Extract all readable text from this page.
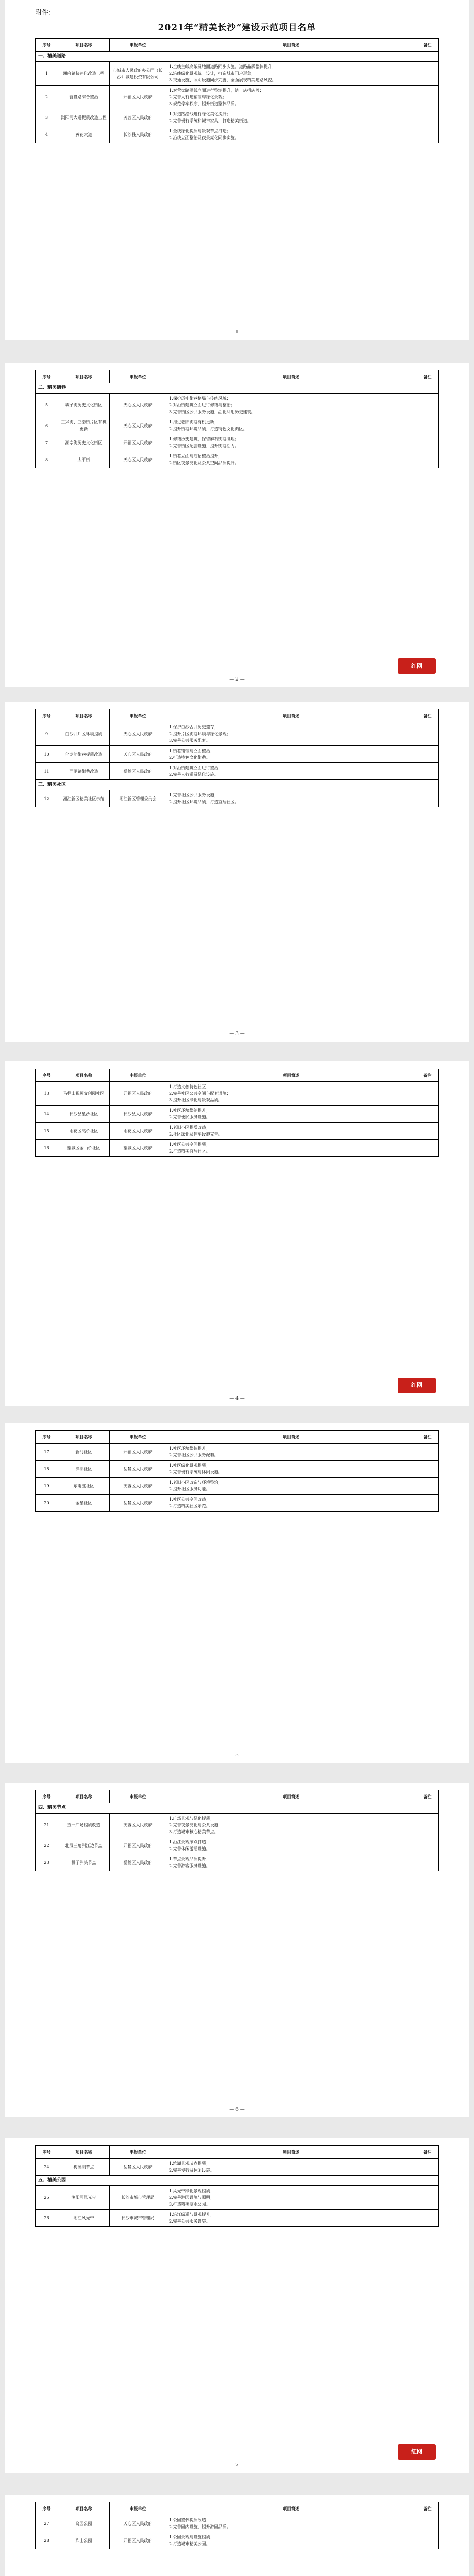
附件：
2021年“精美长沙”建设示范项目名单
序号	项目名称	申报单位	项目简述	备注
一、精美道路				
1	湘府路快速化改造工程	市城市人民政府办公厅（长沙）城建投资有限公司	1.全线主线高架及地面道路同步实施，道路品质整体提升；
2.沿线绿化景观统一设计，打造城市门户形象；
3.交通设施、照明设施同步完善，全面展现精美道路风貌。	

2	营盘路综合整治	开福区人民政府	1.对营盘路沿线立面进行整治提升，统一店招店牌；
2.完善人行道铺装与绿化景观；
3.规范停车秩序，提升街道整体品质。	

3	浏阳河大道提质改造工程	芙蓉区人民政府	1.对道路沿线进行绿化美化提升；
2.完善慢行系统和城市家具，打造精美街道。	

4	黄花大道	长沙县人民政府	1.全线绿化提质与景观节点打造；
2.沿线立面整治及夜景亮化同步实施。	

— 1 —
序号	项目名称	申报单位	项目简述	备注
二、精美街巷				
5	坡子街历史文化街区	天心区人民政府	1.保护历史街巷格局与传统风貌；
2.对沿街建筑立面进行修缮与整治；
3.完善街区公共服务设施，活化利用历史建筑。	

6	三兴街、三泰街片区有机更新	天心区人民政府	1.推进老旧街巷有机更新；
2.提升街巷环境品质，打造特色文化街区。	

7	潮宗街历史文化街区	开福区人民政府	1.修缮历史建筑，保留麻石街巷肌理；
2.完善街区配套设施，提升街巷活力。	

8	太平街	天心区人民政府	1.街巷立面与店招整治提升；
2.街区夜景亮化及公共空间品质提升。	

红网
— 2 —
序号	项目名称	申报单位	项目简述	备注
9	白沙井片区环境提质	天心区人民政府	1.保护白沙古井历史遗存；
2.提升片区街巷环境与绿化景观；
3.完善公共服务配套。	

10	化龙池街巷提质改造	天心区人民政府	1.街巷铺装与立面整治；
2.打造特色文化街巷。	

11	西湖路街巷改造	岳麓区人民政府	1.对沿街建筑立面进行整治；
2.完善人行道及绿化设施。	

三、精美社区				
12	湘江新区精美社区示范	湘江新区管理委员会	1.完善社区公共服务设施；
2.提升社区环境品质，打造宜居社区。	

— 3 —
序号	项目名称	申报单位	项目简述	备注
13	马栏山视频文创园社区	开福区人民政府	1.打造文创特色社区；
2.完善社区公共空间与配套设施；
3.提升社区绿化与景观品质。	

14	长沙县星沙社区	长沙县人民政府	1.社区环境整治提升；
2.完善便民服务设施。	

15	雨花区高桥社区	雨花区人民政府	1.老旧小区提质改造；
2.社区绿化及停车设施完善。	

16	望城区金山桥社区	望城区人民政府	1.社区公共空间提质；
2.打造精美宜居社区。	

红网
— 4 —
序号	项目名称	申报单位	项目简述	备注
17	新河社区	开福区人民政府	1.社区环境整体提升；
2.完善社区公共服务配套。	

18	洋湖社区	岳麓区人民政府	1.社区绿化景观提质；
2.完善慢行系统与休闲设施。	

19	东屯渡社区	芙蓉区人民政府	1.老旧小区改造与环境整治；
2.提升社区服务功能。	

20	金星社区	岳麓区人民政府	1.社区公共空间改造；
2.打造精美社区示范。	

— 5 —
序号	项目名称	申报单位	项目简述	备注
四、精美节点				
21	五一广场提质改造	芙蓉区人民政府	1.广场景观与绿化提质；
2.完善夜景亮化与公共设施；
3.打造城市核心精美节点。	

22	北辰三角洲江边节点	开福区人民政府	1.沿江景观节点打造；
2.完善休闲游憩设施。	

23	橘子洲头节点	岳麓区人民政府	1.节点景观品质提升；
2.完善游客服务设施。	

— 6 —
序号	项目名称	申报单位	项目简述	备注
24	梅溪湖节点	岳麓区人民政府	1.滨湖景观节点提质；
2.完善慢行及休闲设施。	

五、精美公园				
25	浏阳河风光带	长沙市城市管理局	1.风光带绿化景观提质；
2.完善游园设施与照明；
3.打造精美滨水公园。	

26	湘江风光带	长沙市城市管理局	1.沿江绿道与景观提升；
2.完善公共服务设施。	

红网
— 7 —
序号	项目名称	申报单位	项目简述	备注
27	晓园公园	天心区人民政府	1.公园整体提质改造；
2.完善园内设施，提升游园品质。	

28	烈士公园	开福区人民政府	1.公园景观与设施提质；
2.打造城市精美公园。	
